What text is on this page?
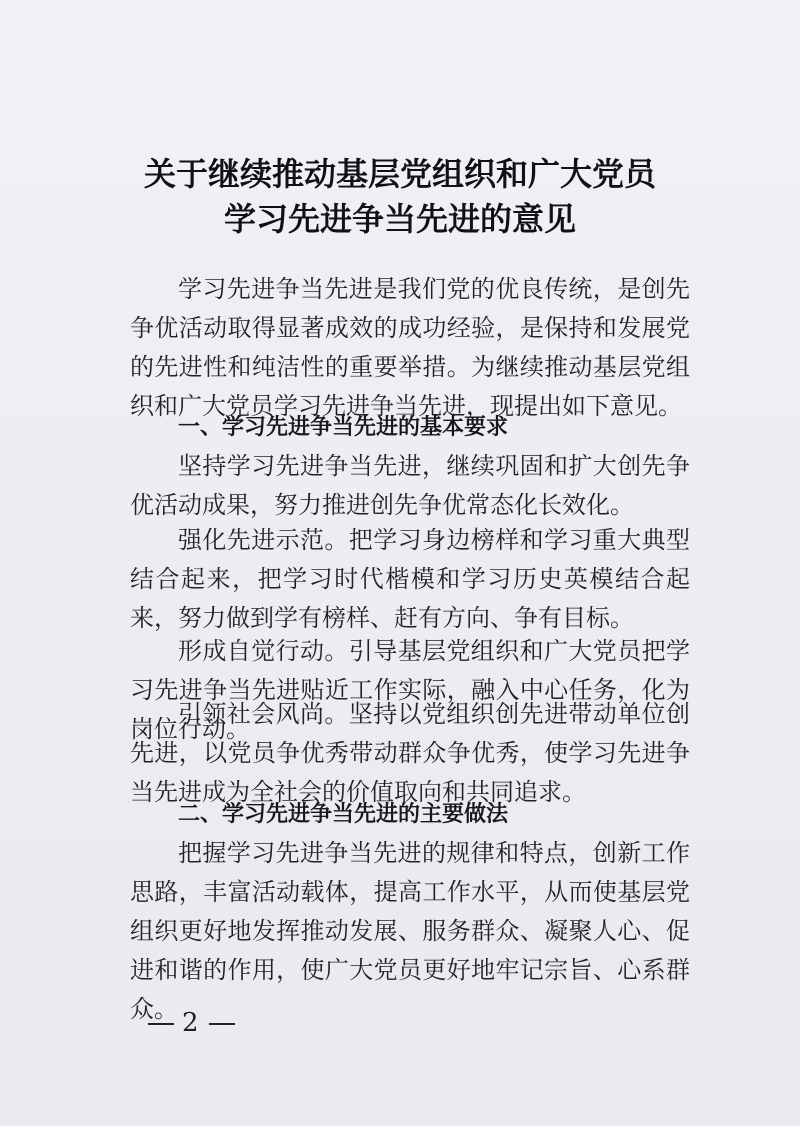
关于继续推动基层党组织和广大党员
学习先进争当先进的意见

学习先进争当先进是我们党的优良传统，是创先争优活动取得显著成效的成功经验，是保持和发展党的先进性和纯洁性的重要举措。为继续推动基层党组织和广大党员学习先进争当先进，现提出如下意见。

一、学习先进争当先进的基本要求

坚持学习先进争当先进，继续巩固和扩大创先争优活动成果，努力推进创先争优常态化长效化。

强化先进示范。把学习身边榜样和学习重大典型结合起来，把学习时代楷模和学习历史英模结合起来，努力做到学有榜样、赶有方向、争有目标。

形成自觉行动。引导基层党组织和广大党员把学习先进争当先进贴近工作实际，融入中心任务，化为岗位行动。

引领社会风尚。坚持以党组织创先进带动单位创先进，以党员争优秀带动群众争优秀，使学习先进争当先进成为全社会的价值取向和共同追求。

二、学习先进争当先进的主要做法

把握学习先进争当先进的规律和特点，创新工作思路，丰富活动载体，提高工作水平，从而使基层党组织更好地发挥推动发展、服务群众、凝聚人心、促进和谐的作用，使广大党员更好地牢记宗旨、心系群众。 2
